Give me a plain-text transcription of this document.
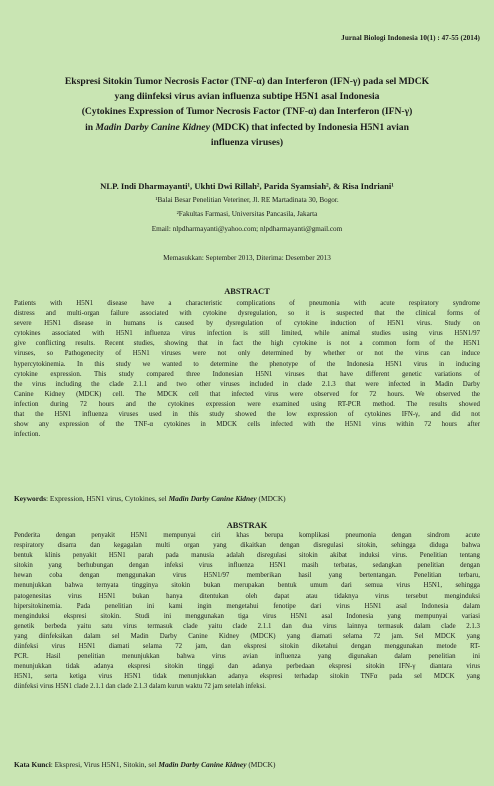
Jurnal Biologi Indonesia 10(1) : 47-55 (2014)
Ekspresi Sitokin Tumor Necrosis Factor (TNF-α) dan Interferon (IFN-γ) pada sel MDCK
yang diinfeksi virus avian influenza subtipe H5N1 asal Indonesia
(Cytokines Expression of Tumor Necrosis Factor (TNF-α) dan Interferon (IFN-γ)
in Madin Darby Canine Kidney (MDCK) that infected by Indonesia H5N1 avian
influenza viruses)
NLP. Indi Dharmayanti¹, Ukhti Dwi Rillah², Parida Syamsiah², & Risa Indriani¹
¹Balai Besar Penelitian Veteriner, Jl. RE Martadinata 30, Bogor.
²Fakultas Farmasi, Universitas Pancasila, Jakarta
Email: nlpdharmayanti@yahoo.com; nlpdharmayanti@gmail.com
Memasukkan: September 2013, Diterima: Desember 2013
ABSTRACT
Patients with H5N1 disease have a characteristic complications of pneumonia with acute respiratory syndrome
distress and multi-organ failure associated with cytokine dysregulation, so it is suspected that the clinical forms of
severe H5N1 disease in humans is caused by dysregulation of cytokine induction of H5N1 virus. Study on
cytokines associated with H5N1 influenza virus infection is still limited, while animal studies using virus H5N1/97
give conflicting results. Recent studies, showing that in fact the high cytokine is not a common form of the H5N1
viruses, so Pathogenecity of H5N1 viruses were not only determined by whether or not the virus can induce
hypercytokinemia. In this study we wanted to determine the phenotype of the Indonesia H5N1 virus in inducing
cytokine expression. This study compared three Indonesian H5N1 viruses that have different genetic variations of
the virus including the clade 2.1.1 and two other viruses included in clade 2.1.3 that were infected in Madin Darby
Canine Kidney (MDCK) cell. The MDCK cell that infected virus were observed for 72 hours. We observed the
infection during 72 hours and the cytokines expression were examined using RT-PCR method. The results showed
that the H5N1 influenza viruses used in this study showed the low expression of cytokines IFN-γ, and did not
show any expression of the TNF-α cytokines in MDCK cells infected with the H5N1 virus within 72 hours after
infection.
Keywords: Expression, H5N1 virus, Cytokines, sel Madin Darby Canine Kidney (MDCK)
ABSTRAK
Penderita dengan penyakit H5N1 mempunyai ciri khas berupa komplikasi pneumonia dengan sindrom acute
respiratory disarra dan kegagalan multi organ yang dikaitkan dengan disregulasi sitokin, sehingga diduga bahwa
bentuk klinis penyakit H5N1 parah pada manusia adalah disregulasi sitokin akibat induksi virus. Penelitian tentang
sitokin yang berhubungan dengan infeksi virus influenza H5N1 masih terbatas, sedangkan penelitian dengan
hewan coba dengan menggunakan virus H5N1/97 memberikan hasil yang bertentangan. Penelitian terbaru,
menunjukkan bahwa ternyata tingginya sitokin bukan merupakan bentuk umum dari semua virus H5N1, sehingga
patogenesitas virus H5N1 bukan hanya ditentukan oleh dapat atau tidaknya virus tersebut menginduksi
hipersitokinemia. Pada penelitian ini kami ingin mengetahui fenotipe dari virus H5N1 asal Indonesia dalam
menginduksi ekspresi sitokin. Studi ini menggunakan tiga virus H5N1 asal Indonesia yang mempunyai variasi
genetik berbeda yaitu satu virus termasuk clade yaitu clade 2.1.1 dan dua virus lainnya termasuk dalam clade 2.1.3
yang diinfeksikan dalam sel Madin Darby Canine Kidney (MDCK) yang diamati selama 72 jam. Sel MDCK yang
diinfeksi virus H5N1 diamati selama 72 jam, dan ekspresi sitokin diketahui dengan menggunakan metode RT-
PCR. Hasil penelitian menunjukkan bahwa virus avian influenza yang digunakan dalam penelitian ini
menunjukkan tidak adanya ekspresi sitokin tinggi dan adanya perbedaan ekspresi sitokin IFN-γ diantara virus
H5N1, serta ketiga virus H5N1 tidak menunjukkan adanya ekspresi terhadap sitokin TNFα pada sel MDCK yang
diinfeksi virus H5N1 clade 2.1.1 dan clade 2.1.3 dalam kurun waktu 72 jam setelah infeksi.
Kata Kunci: Ekspresi, Virus H5N1, Sitokin, sel Madin Darby Canine Kidney (MDCK)
